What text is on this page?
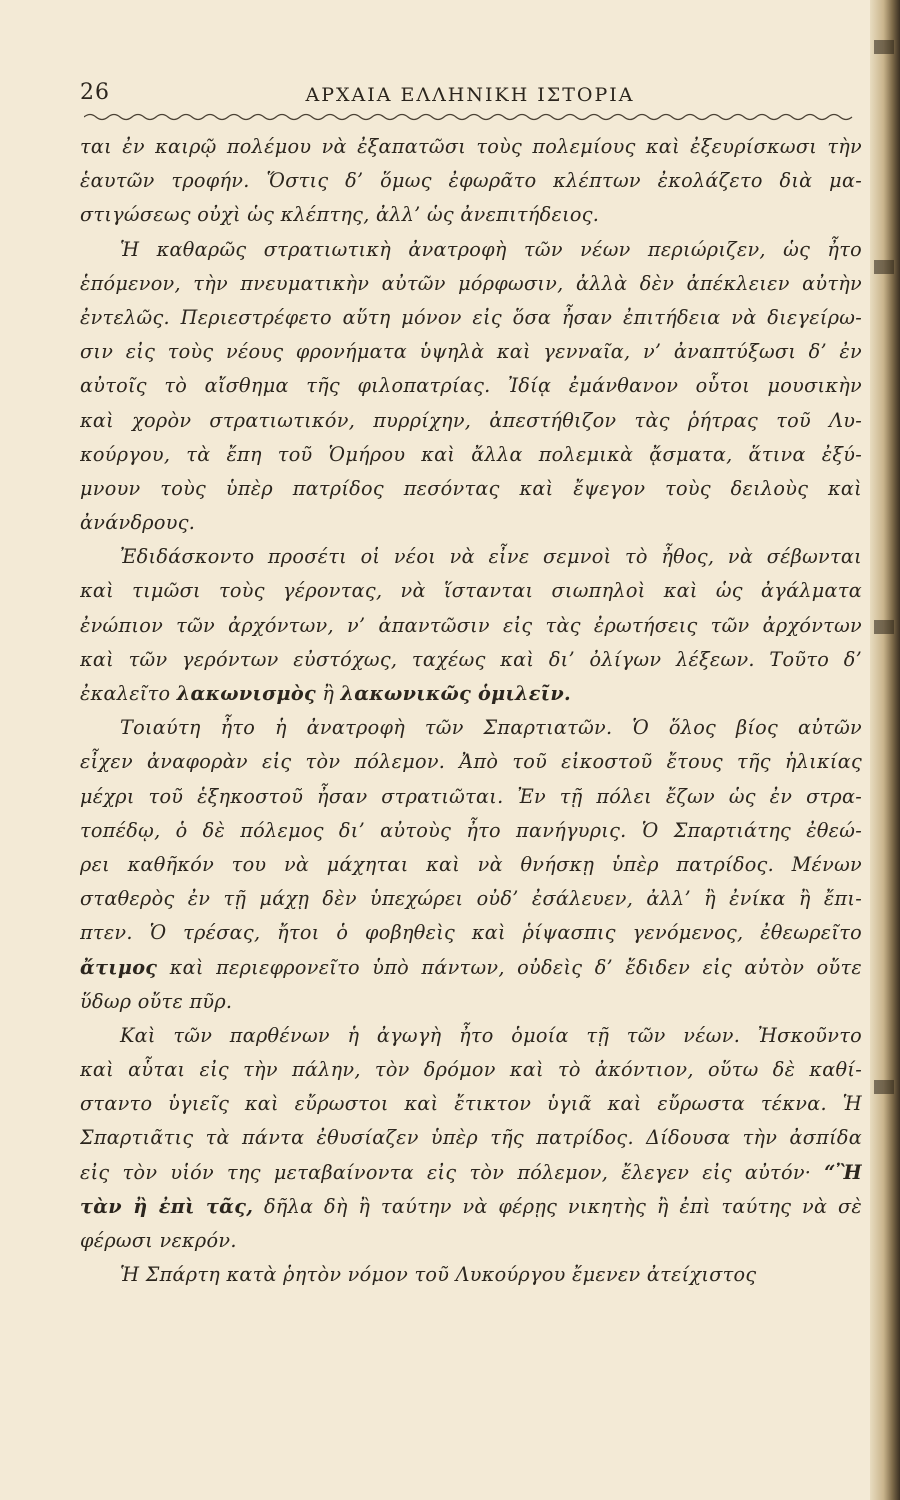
26	ΑΡΧΑΙΑ ΕΛΛΗΝΙΚΗ ΙΣΤΟΡΙΑ
ται ἐν καιρῷ πολέμου νὰ ἐξαπατῶσι τοὺς πολεμίους καὶ ἐξευρίσκωσι τὴν
ἑαυτῶν τροφήν. Ὅστις δ’ ὅμως ἐφωρᾶτο κλέπτων ἐκολάζετο διὰ μα-
στιγώσεως οὐχὶ ὡς κλέπτης, ἀλλ’ ὡς ἀνεπιτήδειος.
Ἡ καθαρῶς στρατιωτικὴ ἀνατροφὴ τῶν νέων περιώριζεν, ὡς ἦτο
ἑπόμενον, τὴν πνευματικὴν αὐτῶν μόρφωσιν, ἀλλὰ δὲν ἀπέκλειεν αὐτὴν
ἐντελῶς. Περιεστρέφετο αὕτη μόνον εἰς ὅσα ἦσαν ἐπιτήδεια νὰ διεγείρω-
σιν εἰς τοὺς νέους φρονήματα ὑψηλὰ καὶ γενναῖα, ν’ ἀναπτύξωσι δ’ ἐν
αὐτοῖς τὸ αἴσθημα τῆς φιλοπατρίας. Ἰδίᾳ ἐμάνθανον οὗτοι μουσικὴν
καὶ χορὸν στρατιωτικόν, πυρρίχην, ἀπεστήθιζον τὰς ῥήτρας τοῦ Λυ-
κούργου, τὰ ἔπη τοῦ Ὁμήρου καὶ ἄλλα πολεμικὰ ᾄσματα, ἅτινα ἐξύ-
μνουν τοὺς ὑπὲρ πατρίδος πεσόντας καὶ ἔψεγον τοὺς δειλοὺς καὶ
ἀνάνδρους.
Ἐδιδάσκοντο προσέτι οἱ νέοι νὰ εἶνε σεμνοὶ τὸ ἦθος, νὰ σέβωνται
καὶ τιμῶσι τοὺς γέροντας, νὰ ἵστανται σιωπηλοὶ καὶ ὡς ἀγάλματα
ἐνώπιον τῶν ἀρχόντων, ν’ ἀπαντῶσιν εἰς τὰς ἐρωτήσεις τῶν ἀρχόντων
καὶ τῶν γερόντων εὐστόχως, ταχέως καὶ δι’ ὀλίγων λέξεων. Τοῦτο δ’
ἐκαλεῖτο λακωνισμὸς ἢ λακωνικῶς ὁμιλεῖν.
Τοιαύτη ἦτο ἡ ἀνατροφὴ τῶν Σπαρτιατῶν. Ὁ ὅλος βίος αὐτῶν
εἶχεν ἀναφορὰν εἰς τὸν πόλεμον. Ἀπὸ τοῦ εἰκοστοῦ ἔτους τῆς ἡλικίας
μέχρι τοῦ ἑξηκοστοῦ ἦσαν στρατιῶται. Ἐν τῇ πόλει ἔζων ὡς ἐν στρα-
τοπέδῳ, ὁ δὲ πόλεμος δι’ αὐτοὺς ἦτο πανήγυρις. Ὁ Σπαρτιάτης ἐθεώ-
ρει καθῆκόν του νὰ μάχηται καὶ νὰ θνήσκῃ ὑπὲρ πατρίδος. Μένων
σταθερὸς ἐν τῇ μάχῃ δὲν ὑπεχώρει οὐδ’ ἐσάλευεν, ἀλλ’ ἢ ἐνίκα ἢ ἔπι-
πτεν. Ὁ τρέσας, ἤτοι ὁ φοβηθεὶς καὶ ῥίψασπις γενόμενος, ἐθεωρεῖτο
ἄτιμος καὶ περιεφρονεῖτο ὑπὸ πάντων, οὐδεὶς δ’ ἔδιδεν εἰς αὐτὸν οὔτε
ὕδωρ οὔτε πῦρ.
Καὶ τῶν παρθένων ἡ ἀγωγὴ ἦτο ὁμοία τῇ τῶν νέων. Ἠσκοῦντο
καὶ αὗται εἰς τὴν πάλην, τὸν δρόμον καὶ τὸ ἀκόντιον, οὕτω δὲ καθί-
σταντο ὑγιεῖς καὶ εὔρωστοι καὶ ἔτικτον ὑγιᾶ καὶ εὔρωστα τέκνα. Ἡ
Σπαρτιᾶτις τὰ πάντα ἐθυσίαζεν ὑπὲρ τῆς πατρίδος. Δίδουσα τὴν ἀσπίδα
εἰς τὸν υἱόν της μεταβαίνοντα εἰς τὸν πόλεμον, ἔλεγεν εἰς αὐτόν· “Ἢ
τὰν ἢ ἐπὶ τᾶς, δῆλα δὴ ἢ ταύτην νὰ φέρῃς νικητὴς ἢ ἐπὶ ταύτης νὰ σὲ
φέρωσι νεκρόν.
Ἡ Σπάρτη κατὰ ῥητὸν νόμον τοῦ Λυκούργου ἔμενεν ἀτείχιστος
